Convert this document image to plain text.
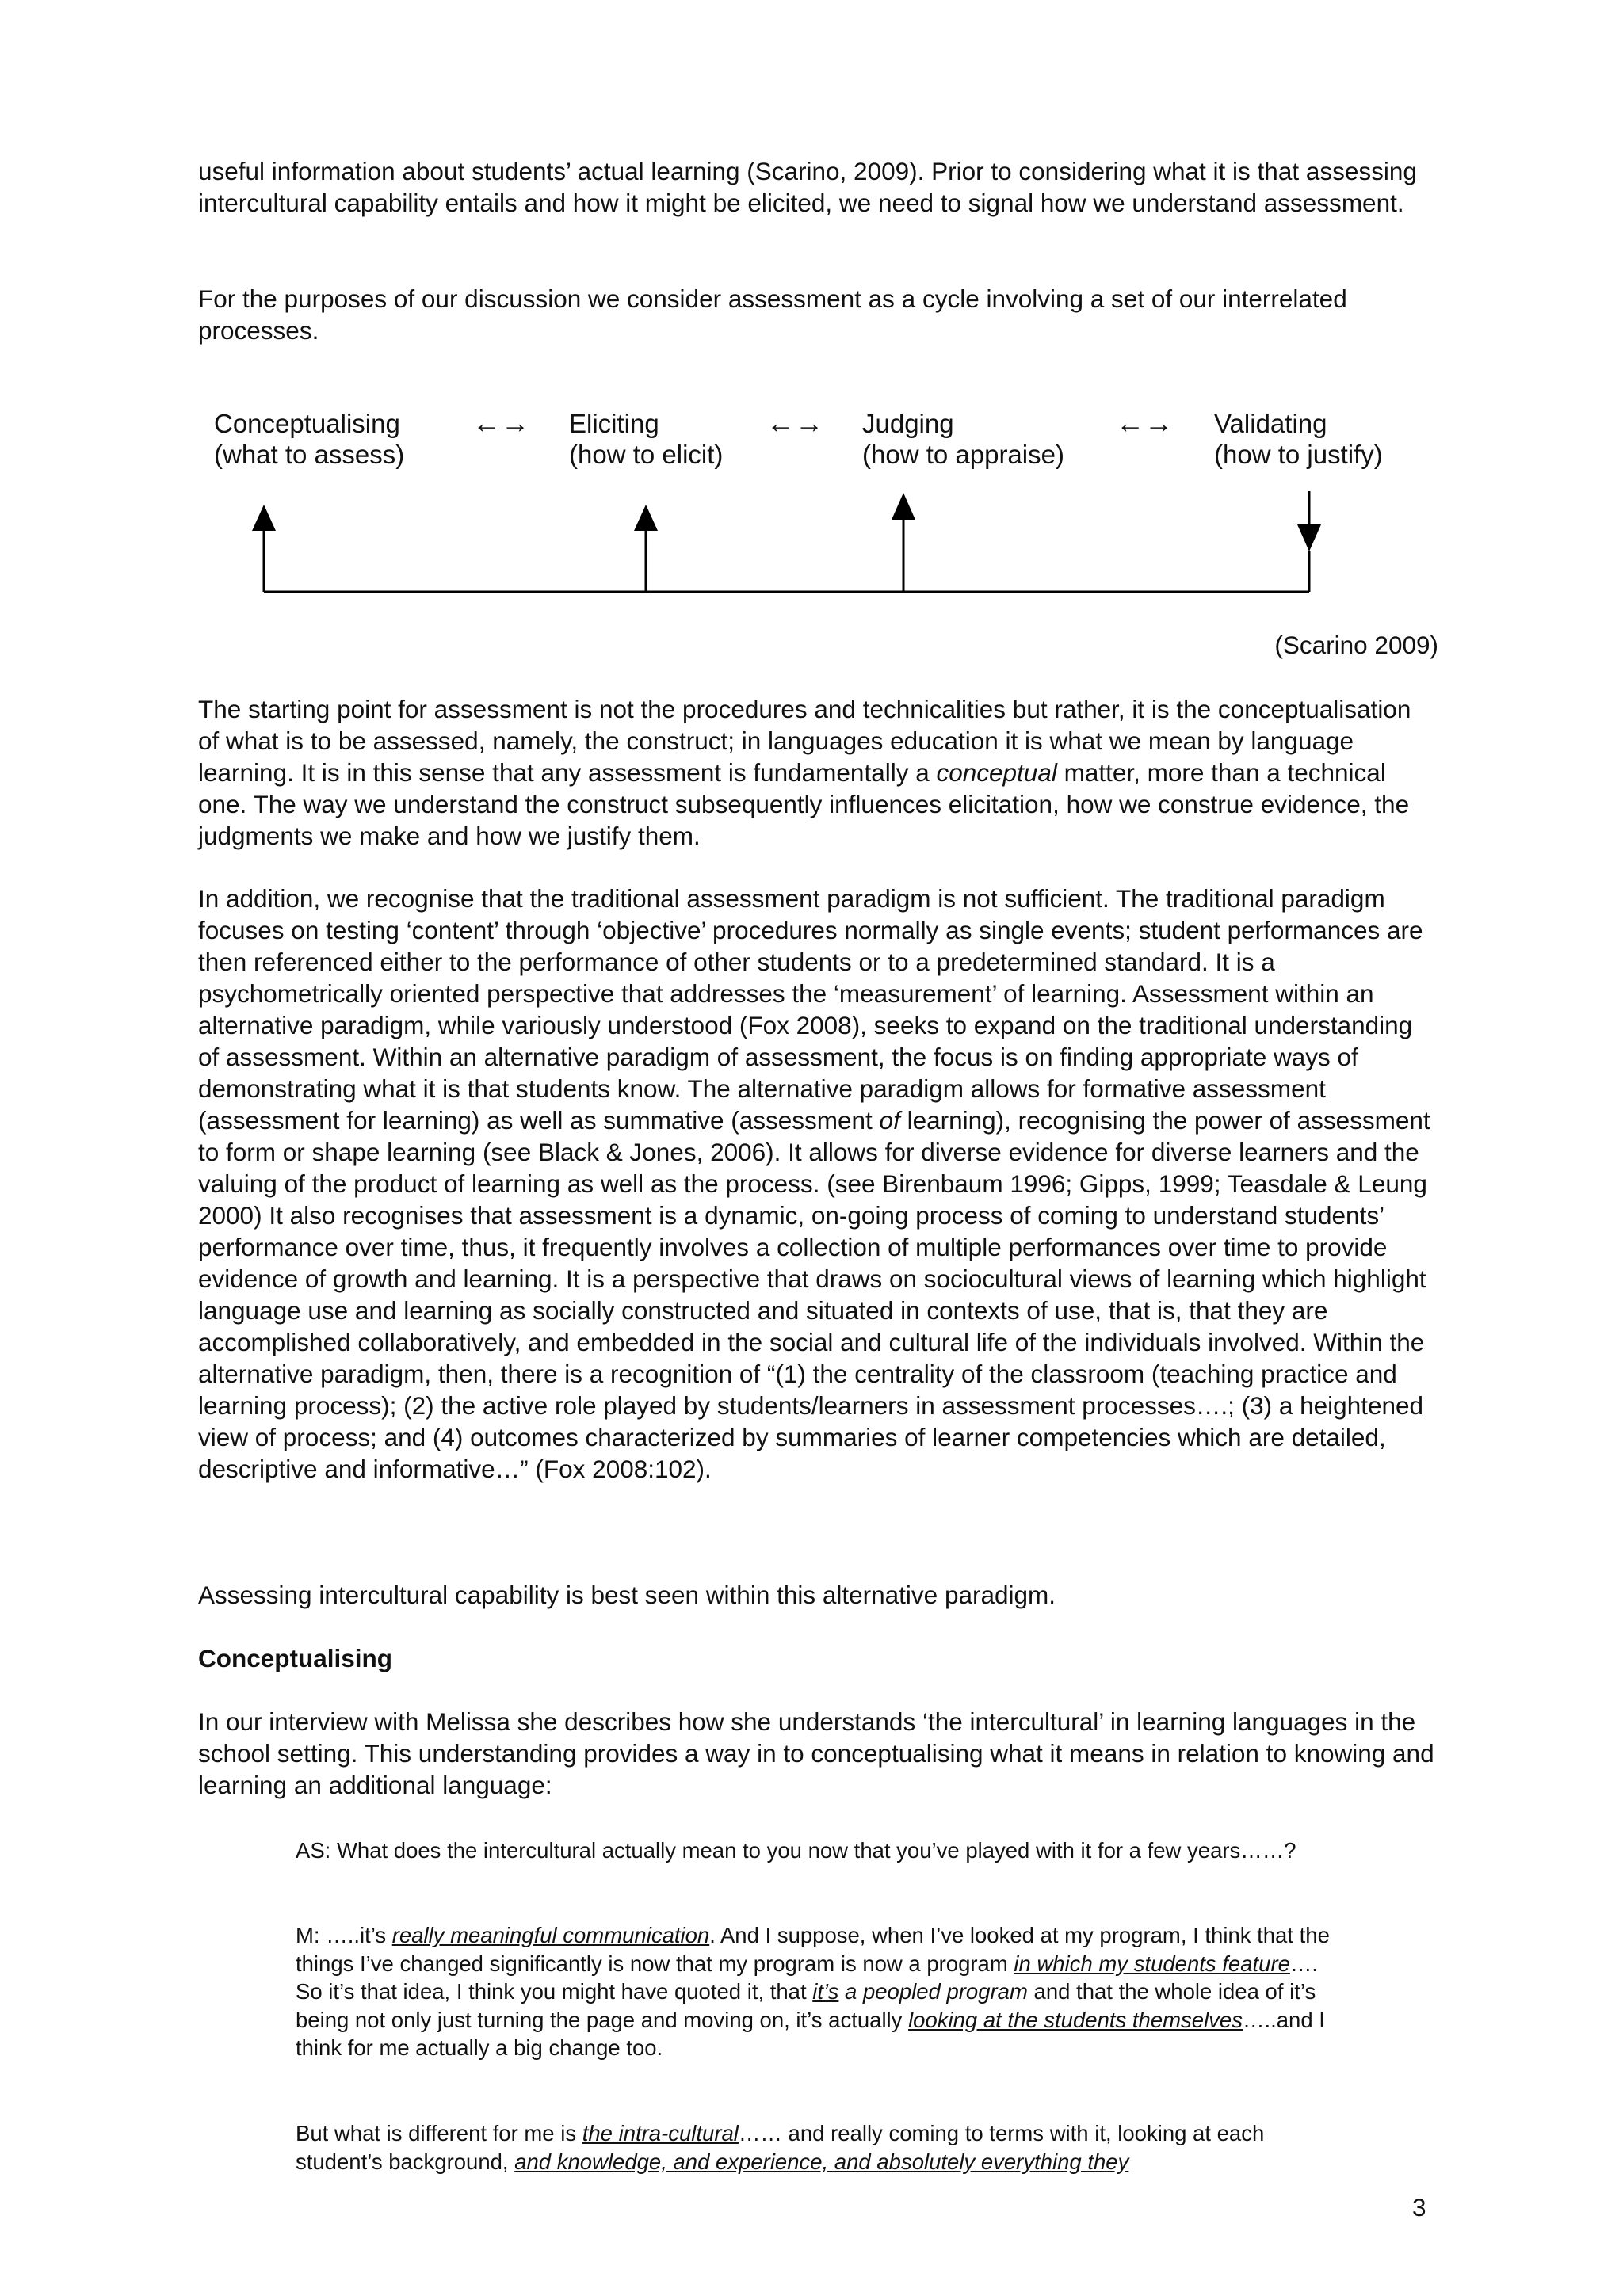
useful information about students’ actual learning (Scarino, 2009). Prior to considering what it is that assessing intercultural capability entails and how it might be elicited, we need to signal how we understand assessment.

For the purposes of our discussion we consider assessment as a cycle involving a set of our interrelated processes.

Conceptualising
(what to assess)
←→ Eliciting
(how to elicit)
←→ Judging
(how to appraise)
←→ Validating
(how to justify)
(Scarino 2009)

The starting point for assessment is not the procedures and technicalities but rather, it is the conceptualisation of what is to be assessed, namely, the construct; in languages education it is what we mean by language learning. It is in this sense that any assessment is fundamentally a conceptual matter, more than a technical one. The way we understand the construct subsequently influences elicitation, how we construe evidence, the judgments we make and how we justify them.

In addition, we recognise that the traditional assessment paradigm is not sufficient. The traditional paradigm focuses on testing ‘content’ through ‘objective’ procedures normally as single events; student performances are then referenced either to the performance of other students or to a predetermined standard. It is a psychometrically oriented perspective that addresses the ‘measurement’ of learning. Assessment within an alternative paradigm, while variously understood (Fox 2008), seeks to expand on the traditional understanding of assessment. Within an alternative paradigm of assessment, the focus is on finding appropriate ways of demonstrating what it is that students know. The alternative paradigm allows for formative assessment (assessment for learning) as well as summative (assessment of learning), recognising the power of assessment to form or shape learning (see Black & Jones, 2006). It allows for diverse evidence for diverse learners and the valuing of the product of learning as well as the process. (see Birenbaum 1996; Gipps, 1999; Teasdale & Leung 2000) It also recognises that assessment is a dynamic, on-going process of coming to understand students’ performance over time, thus, it frequently involves a collection of multiple performances over time to provide evidence of growth and learning. It is a perspective that draws on sociocultural views of learning which highlight language use and learning as socially constructed and situated in contexts of use, that is, that they are accomplished collaboratively, and embedded in the social and cultural life of the individuals involved. Within the alternative paradigm, then, there is a recognition of “(1) the centrality of the classroom (teaching practice and learning process); (2) the active role played by students/learners in assessment processes….; (3) a heightened view of process; and (4) outcomes characterized by summaries of learner competencies which are detailed, descriptive and informative…” (Fox 2008:102).

Assessing intercultural capability is best seen within this alternative paradigm.

Conceptualising

In our interview with Melissa she describes how she understands ‘the intercultural’ in learning languages in the school setting. This understanding provides a way in to conceptualising what it means in relation to knowing and learning an additional language:

AS: What does the intercultural actually mean to you now that you’ve played with it for a few years……?

M: …..it’s really meaningful communication. And I suppose, when I’ve looked at my program, I think that the things I’ve changed significantly is now that my program is now a program in which my students feature…. So it’s that idea, I think you might have quoted it, that it’s a peopled program and that the whole idea of it’s being not only just turning the page and moving on, it’s actually looking at the students themselves…..and I think for me actually a big change too.

But what is different for me is the intra-cultural…… and really coming to terms with it, looking at each student’s background, and knowledge, and experience, and absolutely everything they

3
